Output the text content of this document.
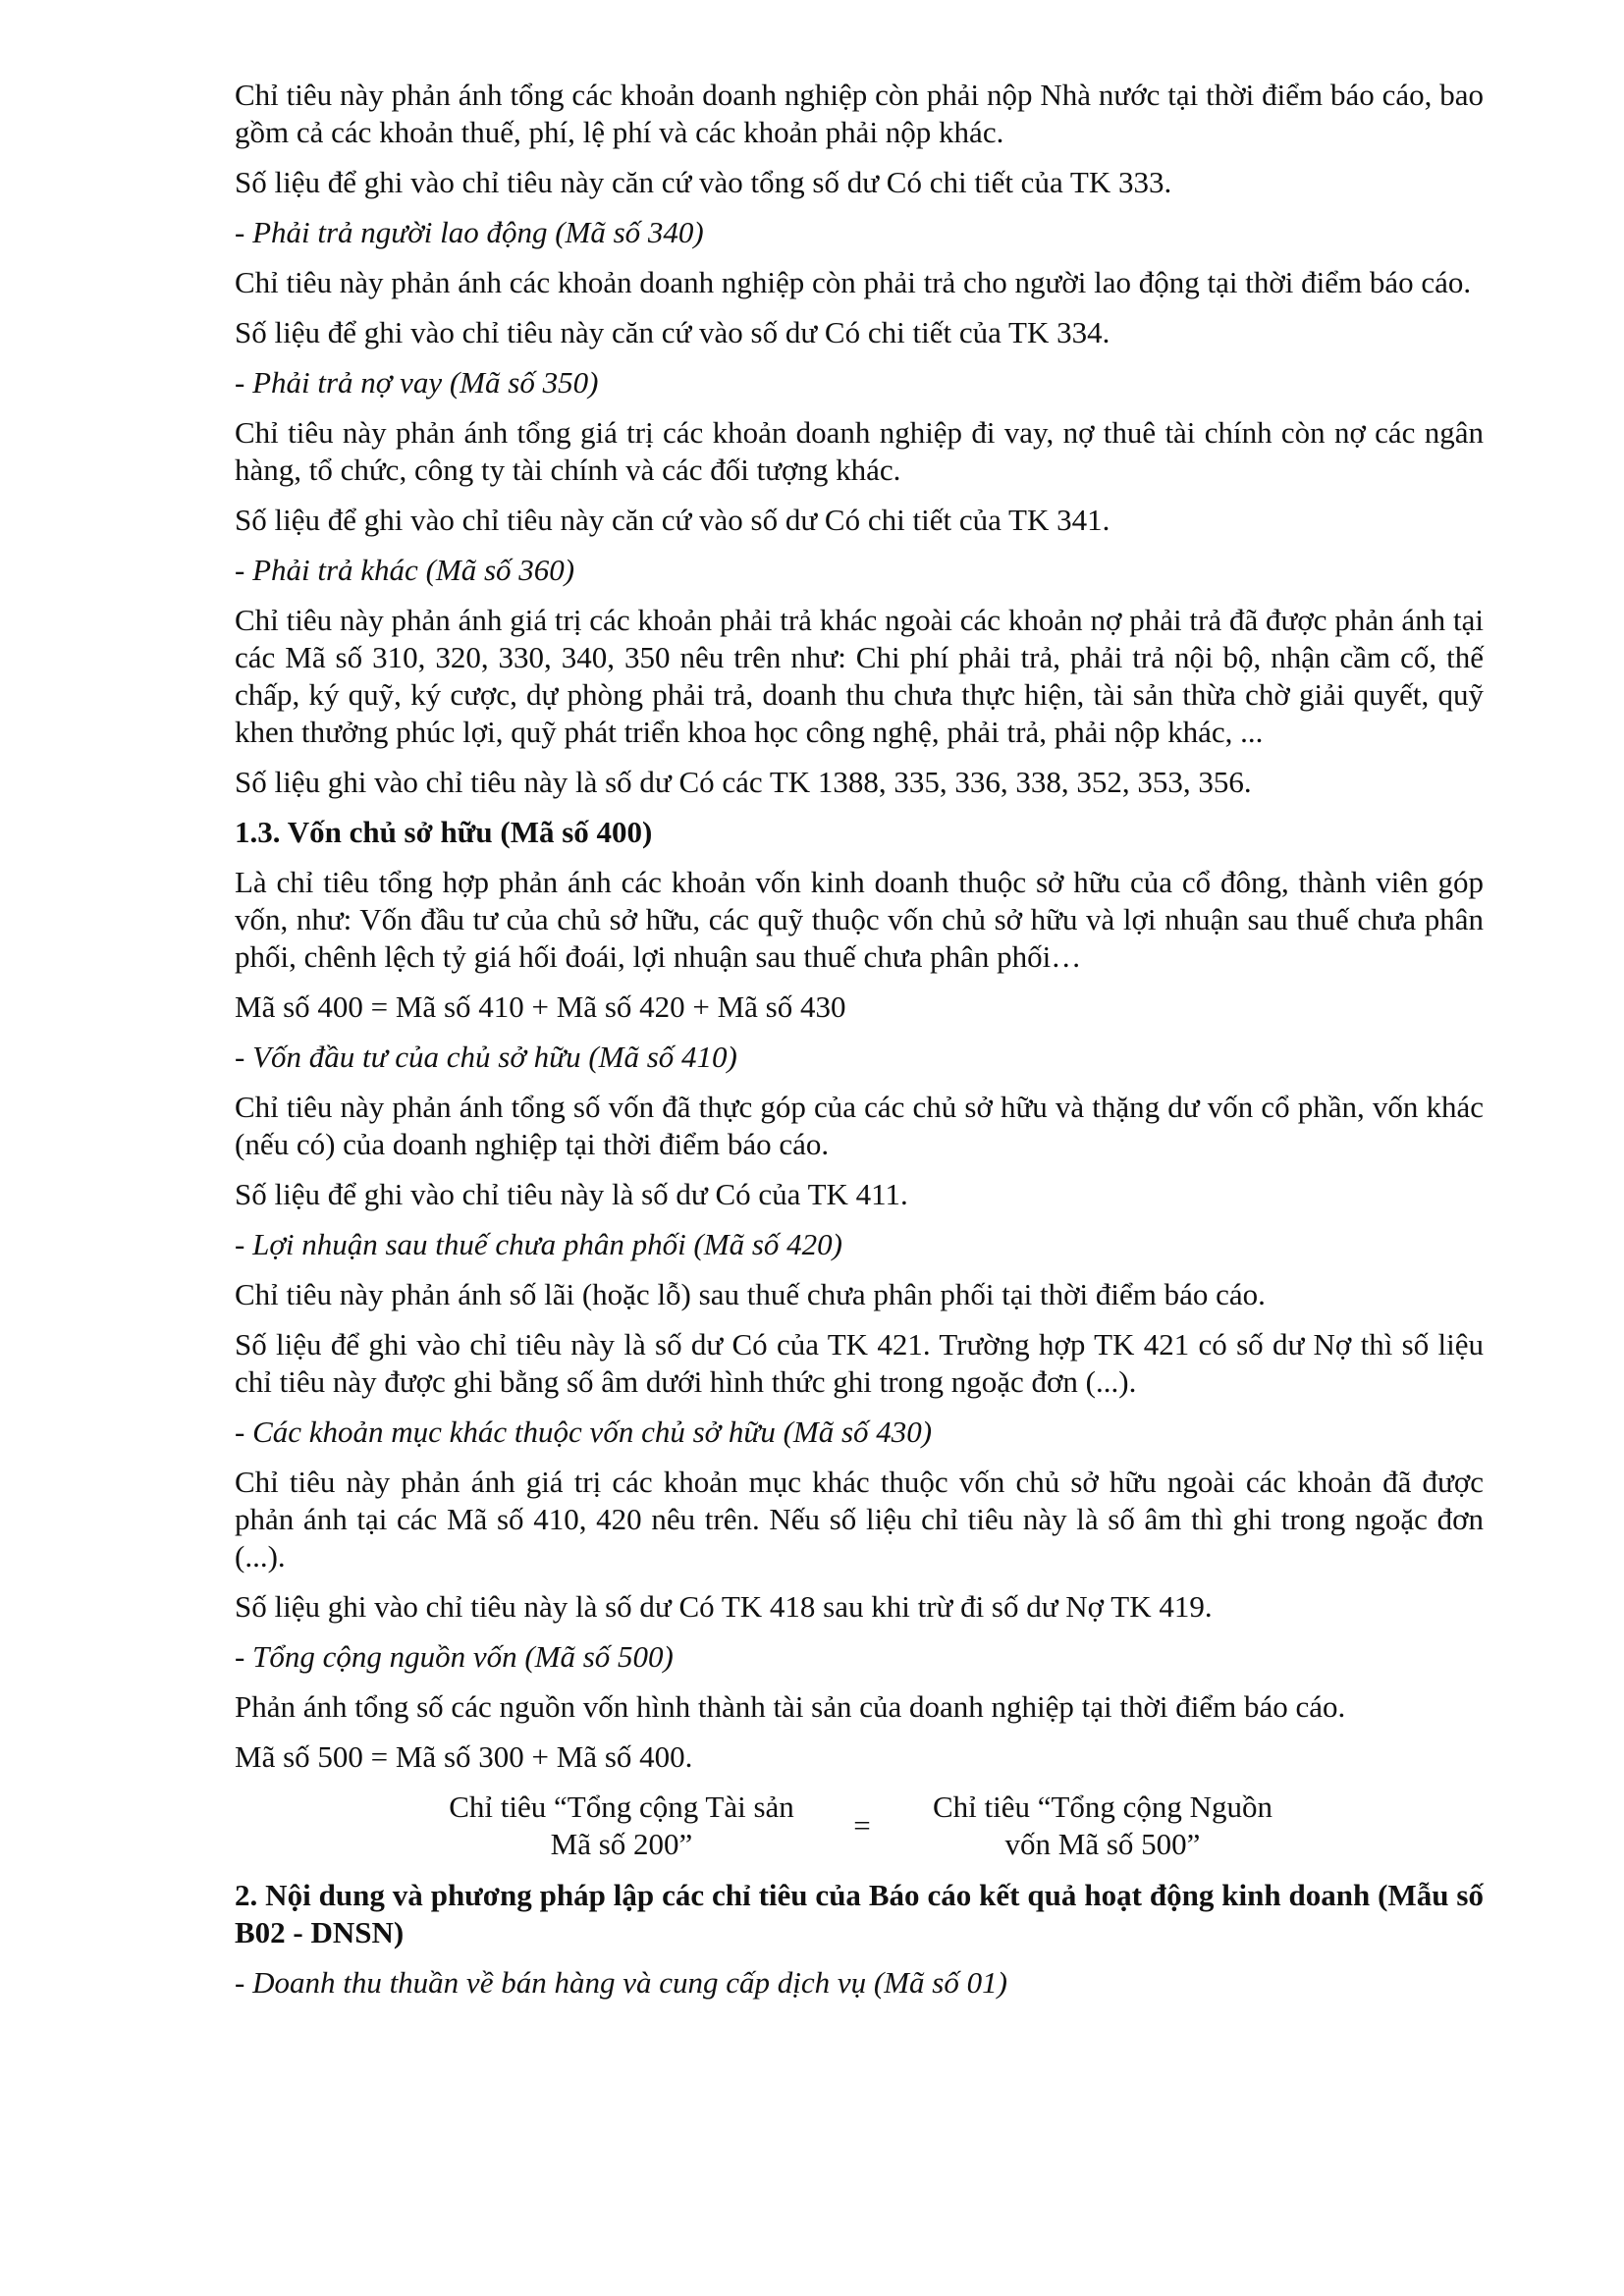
Chỉ tiêu này phản ánh tổng các khoản doanh nghiệp còn phải nộp Nhà nước tại thời điểm báo cáo, bao gồm cả các khoản thuế, phí, lệ phí và các khoản phải nộp khác.

Số liệu để ghi vào chỉ tiêu này căn cứ vào tổng số dư Có chi tiết của TK 333.

- Phải trả người lao động (Mã số 340)

Chỉ tiêu này phản ánh các khoản doanh nghiệp còn phải trả cho người lao động tại thời điểm báo cáo.

Số liệu để ghi vào chỉ tiêu này căn cứ vào số dư Có chi tiết của TK 334.

- Phải trả nợ vay (Mã số 350)

Chỉ tiêu này phản ánh tổng giá trị các khoản doanh nghiệp đi vay, nợ thuê tài chính còn nợ các ngân hàng, tổ chức, công ty tài chính và các đối tượng khác.

Số liệu để ghi vào chỉ tiêu này căn cứ vào số dư Có chi tiết của TK 341.

- Phải trả khác (Mã số 360)

Chỉ tiêu này phản ánh giá trị các khoản phải trả khác ngoài các khoản nợ phải trả đã được phản ánh tại các Mã số 310, 320, 330, 340, 350 nêu trên như: Chi phí phải trả, phải trả nội bộ, nhận cầm cố, thế chấp, ký quỹ, ký cược, dự phòng phải trả, doanh thu chưa thực hiện, tài sản thừa chờ giải quyết, quỹ khen thưởng phúc lợi, quỹ phát triển khoa học công nghệ, phải trả, phải nộp khác, ...

Số liệu ghi vào chỉ tiêu này là số dư Có các TK 1388, 335, 336, 338, 352, 353, 356.

1.3. Vốn chủ sở hữu (Mã số 400)

Là chỉ tiêu tổng hợp phản ánh các khoản vốn kinh doanh thuộc sở hữu của cổ đông, thành viên góp vốn, như: Vốn đầu tư của chủ sở hữu, các quỹ thuộc vốn chủ sở hữu và lợi nhuận sau thuế chưa phân phối, chênh lệch tỷ giá hối đoái, lợi nhuận sau thuế chưa phân phối…

Mã số 400 = Mã số 410 + Mã số 420 + Mã số 430

- Vốn đầu tư của chủ sở hữu (Mã số 410)

Chỉ tiêu này phản ánh tổng số vốn đã thực góp của các chủ sở hữu và thặng dư vốn cổ phần, vốn khác (nếu có) của doanh nghiệp tại thời điểm báo cáo.

Số liệu để ghi vào chỉ tiêu này là số dư Có của TK 411.

- Lợi nhuận sau thuế chưa phân phối (Mã số 420)

Chỉ tiêu này phản ánh số lãi (hoặc lỗ) sau thuế chưa phân phối tại thời điểm báo cáo.

Số liệu để ghi vào chỉ tiêu này là số dư Có của TK 421. Trường hợp TK 421 có số dư Nợ thì số liệu chỉ tiêu này được ghi bằng số âm dưới hình thức ghi trong ngoặc đơn (...).

- Các khoản mục khác thuộc vốn chủ sở hữu (Mã số 430)

Chỉ tiêu này phản ánh giá trị các khoản mục khác thuộc vốn chủ sở hữu ngoài các khoản đã được phản ánh tại các Mã số 410, 420 nêu trên. Nếu số liệu chỉ tiêu này là số âm thì ghi trong ngoặc đơn (...).

Số liệu ghi vào chỉ tiêu này là số dư Có TK 418 sau khi trừ đi số dư Nợ TK 419.

- Tổng cộng nguồn vốn (Mã số 500)

Phản ánh tổng số các nguồn vốn hình thành tài sản của doanh nghiệp tại thời điểm báo cáo.

Mã số 500 = Mã số 300 + Mã số 400.

Chỉ tiêu “Tổng cộng Tài sản Mã số 200”
=
Chỉ tiêu “Tổng cộng Nguồn vốn Mã số 500”

2. Nội dung và phương pháp lập các chỉ tiêu của Báo cáo kết quả hoạt động kinh doanh (Mẫu số B02 - DNSN)

- Doanh thu thuần về bán hàng và cung cấp dịch vụ (Mã số 01)
